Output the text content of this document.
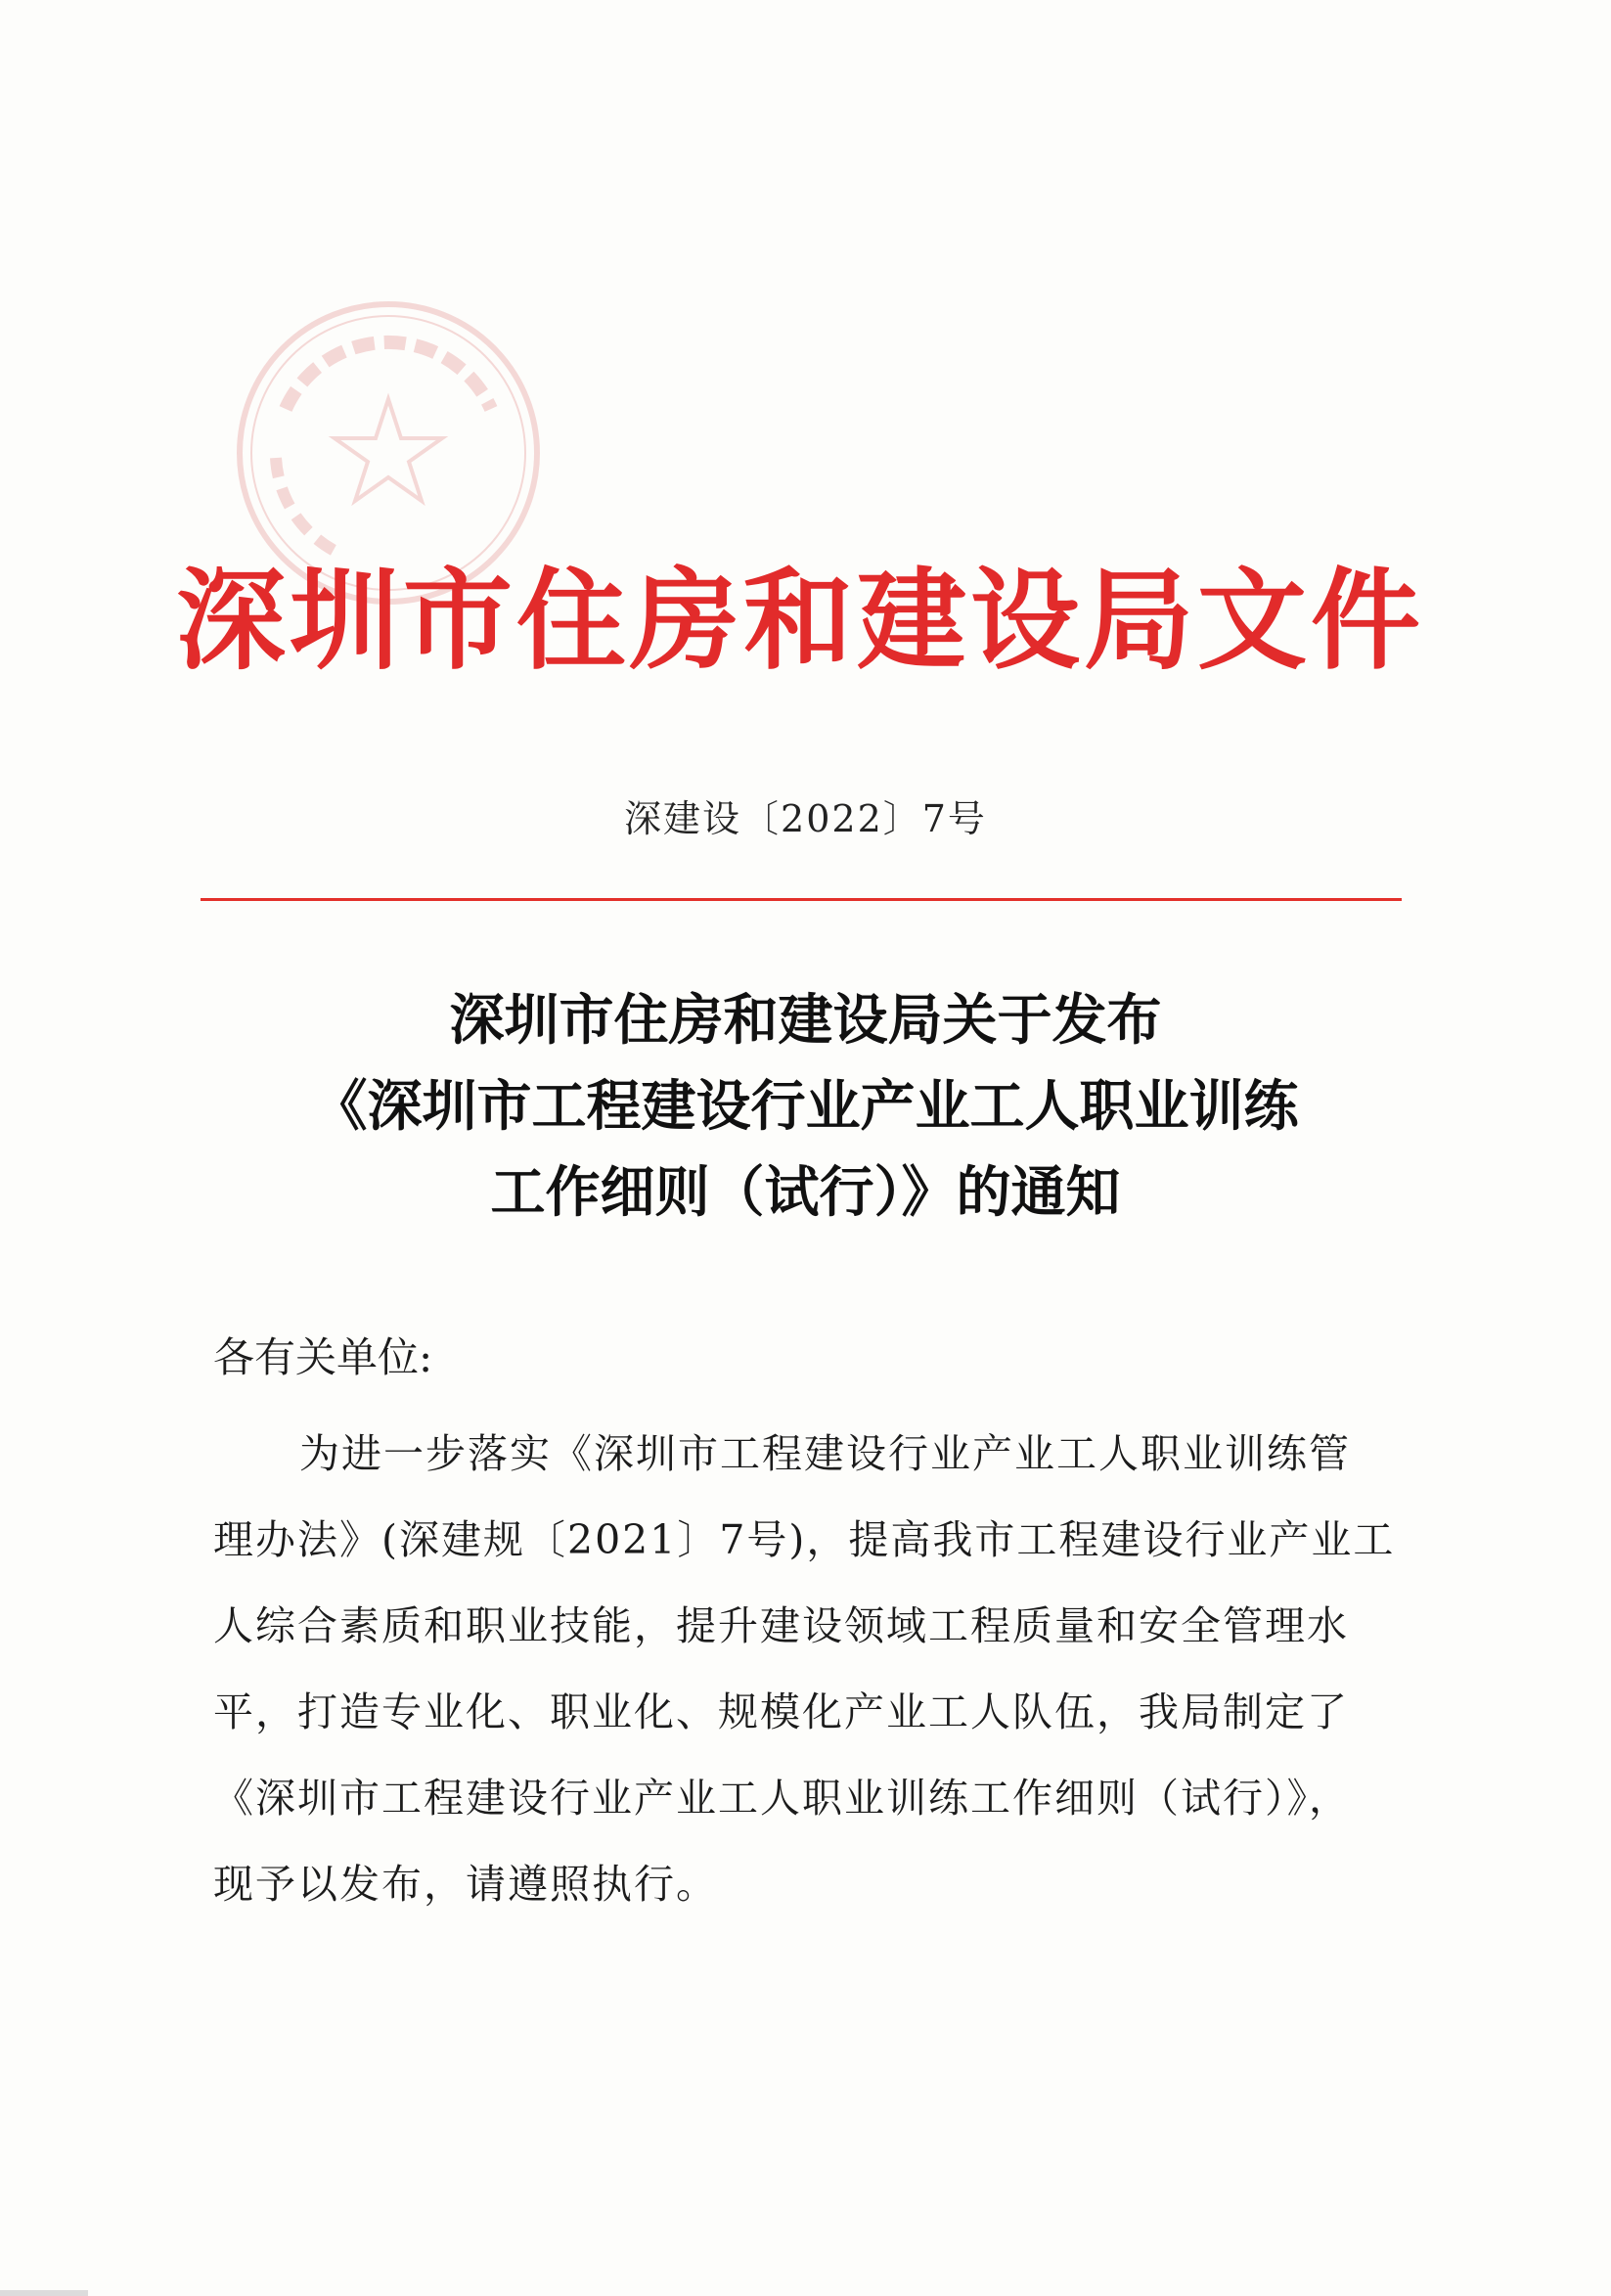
深圳市住房和建设局文件
深建设〔2022〕7号
深圳市住房和建设局关于发布
《深圳市工程建设行业产业工人职业训练
工作细则（试行）》的通知
各有关单位:
为进一步落实《深圳市工程建设行业产业工人职业训练管
理办法》(深建规〔2021〕7号)，提高我市工程建设行业产业工
人综合素质和职业技能，提升建设领域工程质量和安全管理水
平，打造专业化、职业化、规模化产业工人队伍，我局制定了
《深圳市工程建设行业产业工人职业训练工作细则（试行）》，
现予以发布，请遵照执行。
